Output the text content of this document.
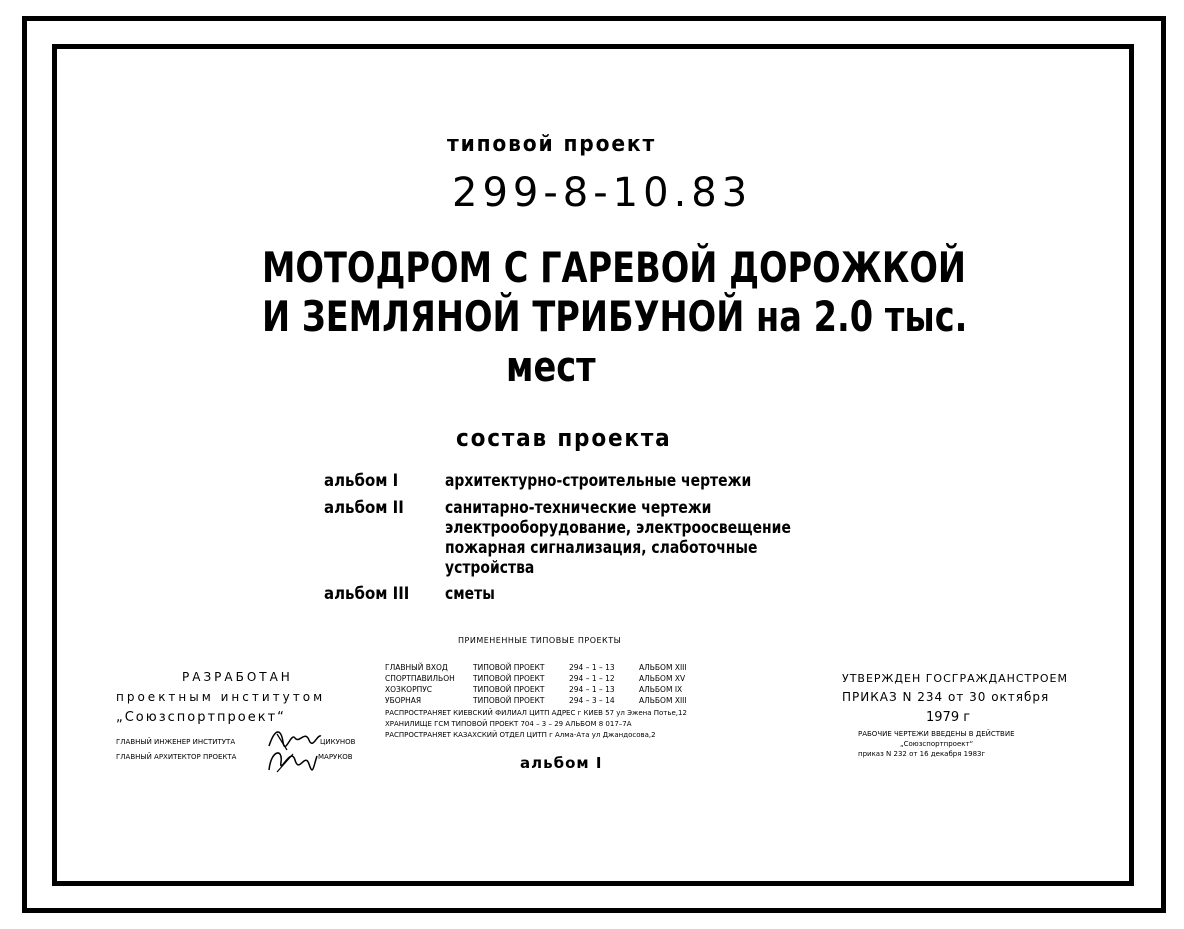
типовой проект
299-8-10.83
МОТОДРОМ С ГАРЕВОЙ ДОРОЖКОЙ
И ЗЕМЛЯНОЙ ТРИБУНОЙ на 2.0 тыс.
мест
состав проекта
альбом I	архитектурно-строительные чертежи
альбом II санитарно-технические чертежи
электрооборудование, электроосвещение
пожарная сигнализация, слаботочные
устройства
альбом III сметы
ПРИМЕНЕННЫЕ ТИПОВЫЕ ПРОЕКТЫ
ГЛАВНЫЙ ВХОД	ТИПОВОЙ ПРОЕКТ	294 – 1 – 13	АЛЬБОМ XIII
СПОРТПАВИЛЬОН	ТИПОВОЙ ПРОЕКТ	294 – 1 – 12	АЛЬБОМ XV
ХОЗКОРПУС	ТИПОВОЙ ПРОЕКТ	294 – 1 – 13	АЛЬБОМ IX
УБОРНАЯ	ТИПОВОЙ ПРОЕКТ	294 – 3 – 14	АЛЬБОМ XIII
РАСПРОСТРАНЯЕТ КИЕВСКИЙ ФИЛИАЛ ЦИТП АДРЕС г КИЕВ 57 ул Эжена Потье,12
ХРАНИЛИЩЕ ГСМ ТИПОВОЙ ПРОЕКТ 704 – 3 – 29 АЛЬБОМ 8 017–7А
РАСПРОСТРАНЯЕТ КАЗАХСКИЙ ОТДЕЛ ЦИТП г Алма-Ата ул Джандосова,2
альбом I
РАЗРАБОТАН
проектным институтом
„Союзспортпроект“
ГЛАВНЫЙ ИНЖЕНЕР ИНСТИТУТА	ЦИКУНОВ
ГЛАВНЫЙ АРХИТЕКТОР ПРОЕКТА	МАРУКОВ
УТВЕРЖДЕН ГОСГРАЖДАНСТРОЕМ
ПРИКАЗ N 234 от 30 октября
1979 г
РАБОЧИЕ ЧЕРТЕЖИ ВВЕДЕНЫ В ДЕЙСТВИЕ
„Союзспортпроект“
приказ N 232 от 16 декабря 1983г
